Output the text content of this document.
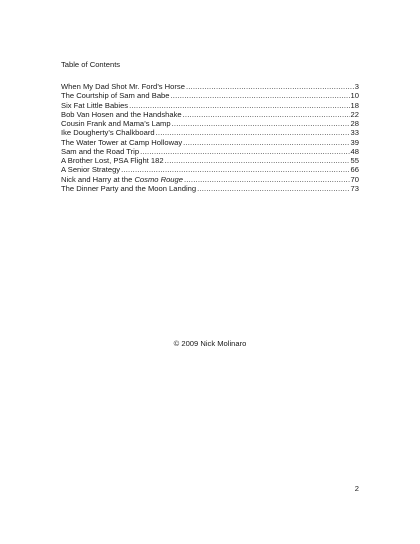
Table of Contents
When My Dad Shot Mr. Ford’s Horse .....	3
The Courtship of Sam and Babe .....	10
Six Fat Little Babies .....	18
Bob Van Hosen and the Handshake .....	22
Cousin Frank and Mama’s Lamp .....	28
Ike Dougherty’s Chalkboard .....	33
The Water Tower at Camp Holloway .....	39
Sam and the Road Trip .....	48
A Brother Lost, PSA Flight 182 .....	55
A Senior Strategy .....	66
Nick and Harry at the Cosmo Rouge .....	70
The Dinner Party and the Moon Landing .....	73
© 2009 Nick Molinaro
2
